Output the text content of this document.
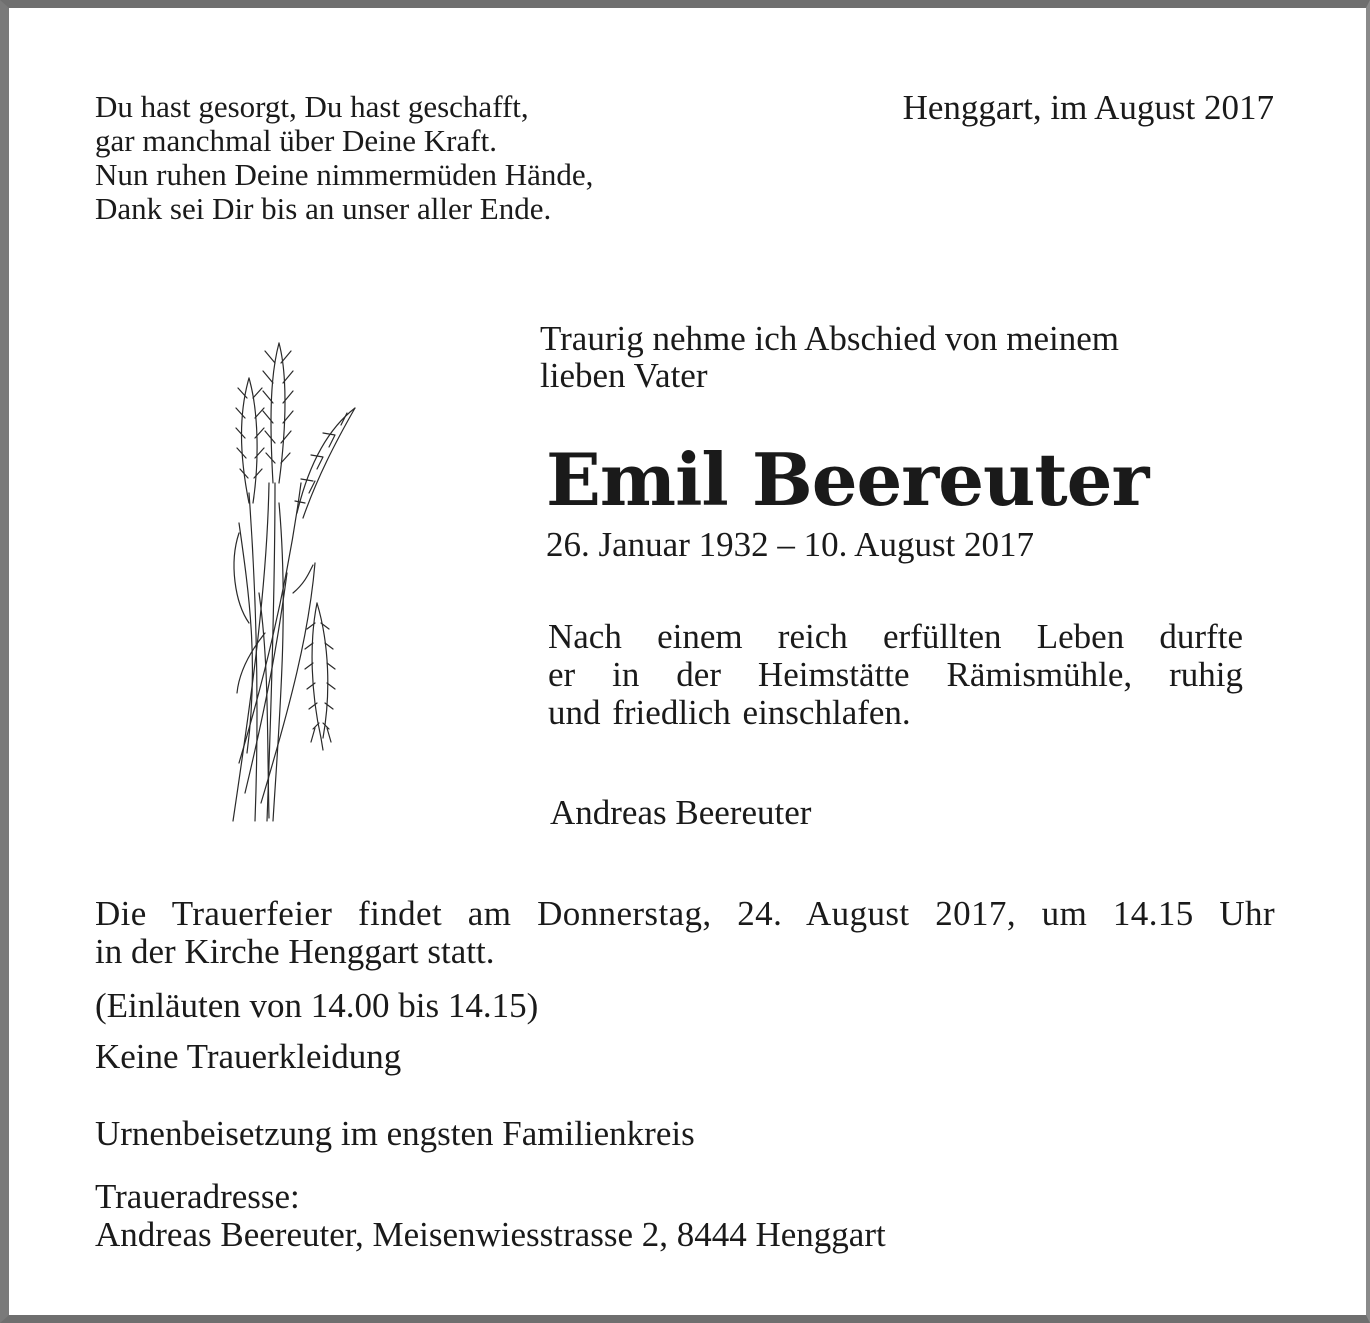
Du hast gesorgt, Du hast geschafft,
gar manchmal über Deine Kraft.
Nun ruhen Deine nimmermüden Hände,
Dank sei Dir bis an unser aller Ende.
Henggart, im August 2017
Traurig nehme ich Abschied von meinem
lieben Vater
Emil Beereuter
26. Januar 1932 – 10. August 2017
Nach einem reich erfüllten Leben durfte
er in der Heimstätte Rämismühle, ruhig
und friedlich einschlafen.
Andreas Beereuter
Die Trauerfeier findet am Donnerstag, 24. August 2017, um 14.15 Uhr
in der Kirche Henggart statt.
(Einläuten von 14.00 bis 14.15)
Keine Trauerkleidung
Urnenbeisetzung im engsten Familienkreis
Traueradresse:
Andreas Beereuter, Meisenwiesstrasse 2, 8444 Henggart
